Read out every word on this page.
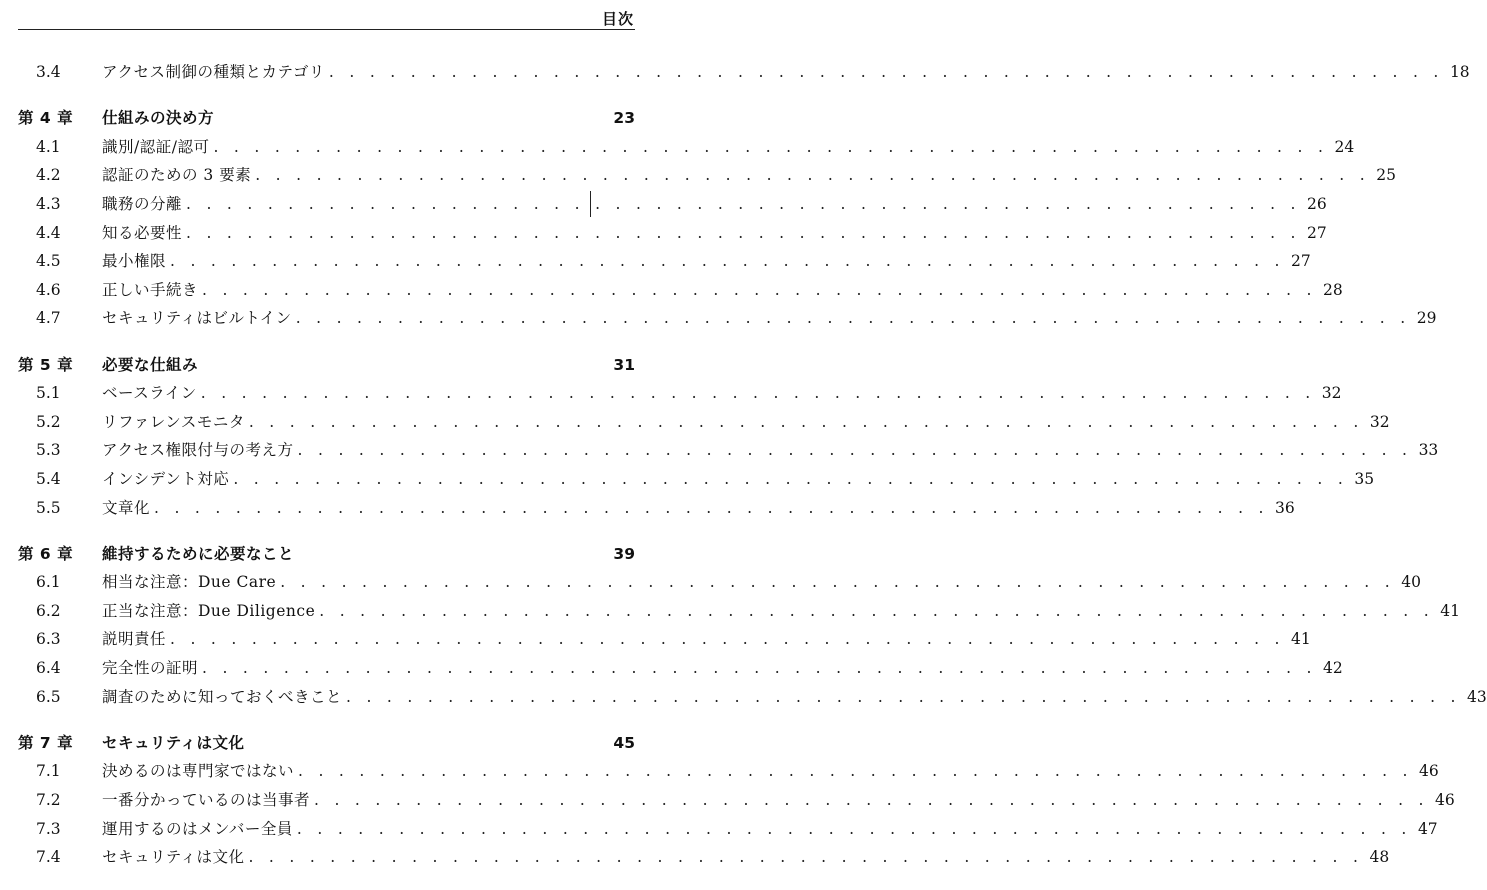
目次
3.4	アクセス制御の種類とカテゴリ . . . . . . . . . . . . . . . . . . . . . . . . . . . . . . . . . . . . . . . . . . . . . . . . . . . . . . . 18
第 4 章	仕組みの決め方	23
4.1	識別/認証/認可 . . . . . . . . . . . . . . . . . . . . . . . . . . . . . . . . . . . . . . . . . . . . . . . . . . . . . . . 24
4.2	認証のための 3 要素 . . . . . . . . . . . . . . . . . . . . . . . . . . . . . . . . . . . . . . . . . . . . . . . . . . . . . . . 25
4.3	職務の分離 . . . . . . . . . . . . . . . . . . . . . . . . . . . . . . . . . . . . . . . . . . . . . . . . . . . . . . . 26
4.4	知る必要性 . . . . . . . . . . . . . . . . . . . . . . . . . . . . . . . . . . . . . . . . . . . . . . . . . . . . . . . 27
4.5	最小権限 . . . . . . . . . . . . . . . . . . . . . . . . . . . . . . . . . . . . . . . . . . . . . . . . . . . . . . . 27
4.6	正しい手続き . . . . . . . . . . . . . . . . . . . . . . . . . . . . . . . . . . . . . . . . . . . . . . . . . . . . . . . 28
4.7	セキュリティはビルトイン . . . . . . . . . . . . . . . . . . . . . . . . . . . . . . . . . . . . . . . . . . . . . . . . . . . . . . . 29
第 5 章	必要な仕組み	31
5.1	ベースライン . . . . . . . . . . . . . . . . . . . . . . . . . . . . . . . . . . . . . . . . . . . . . . . . . . . . . . . 32
5.2	リファレンスモニタ . . . . . . . . . . . . . . . . . . . . . . . . . . . . . . . . . . . . . . . . . . . . . . . . . . . . . . . 32
5.3	アクセス権限付与の考え方 . . . . . . . . . . . . . . . . . . . . . . . . . . . . . . . . . . . . . . . . . . . . . . . . . . . . . . . 33
5.4	インシデント対応 . . . . . . . . . . . . . . . . . . . . . . . . . . . . . . . . . . . . . . . . . . . . . . . . . . . . . . . 35
5.5	文章化 . . . . . . . . . . . . . . . . . . . . . . . . . . . . . . . . . . . . . . . . . . . . . . . . . . . . . . . 36
第 6 章	維持するために必要なこと	39
6.1	相当な注意：Due Care . . . . . . . . . . . . . . . . . . . . . . . . . . . . . . . . . . . . . . . . . . . . . . . . . . . . . . . 40
6.2	正当な注意：Due Diligence . . . . . . . . . . . . . . . . . . . . . . . . . . . . . . . . . . . . . . . . . . . . . . . . . . . . . . . 41
6.3	説明責任 . . . . . . . . . . . . . . . . . . . . . . . . . . . . . . . . . . . . . . . . . . . . . . . . . . . . . . . 41
6.4	完全性の証明 . . . . . . . . . . . . . . . . . . . . . . . . . . . . . . . . . . . . . . . . . . . . . . . . . . . . . . . 42
6.5	調査のために知っておくべきこと . . . . . . . . . . . . . . . . . . . . . . . . . . . . . . . . . . . . . . . . . . . . . . . . . . . . . . . 43
第 7 章	セキュリティは文化	45
7.1	決めるのは専門家ではない . . . . . . . . . . . . . . . . . . . . . . . . . . . . . . . . . . . . . . . . . . . . . . . . . . . . . . . 46
7.2	一番分かっているのは当事者 . . . . . . . . . . . . . . . . . . . . . . . . . . . . . . . . . . . . . . . . . . . . . . . . . . . . . . . 46
7.3	運用するのはメンバー全員 . . . . . . . . . . . . . . . . . . . . . . . . . . . . . . . . . . . . . . . . . . . . . . . . . . . . . . . 47
7.4	セキュリティは文化 . . . . . . . . . . . . . . . . . . . . . . . . . . . . . . . . . . . . . . . . . . . . . . . . . . . . . . . 48
